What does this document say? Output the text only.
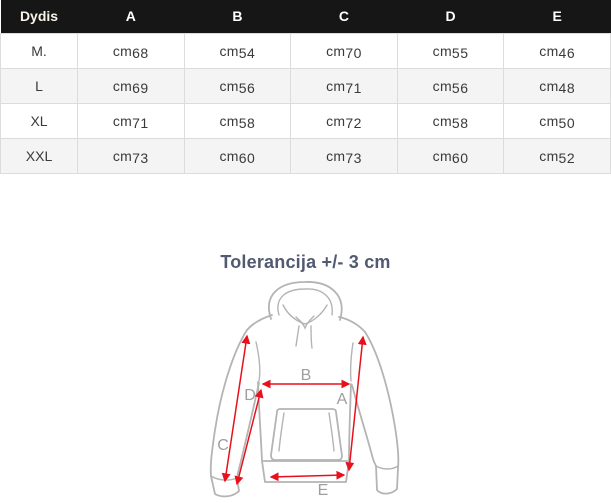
Dydis	A	B	C	D	E
M.	cm68	cm54	cm70	cm55	cm46
L	cm69	cm56	cm71	cm56	cm48
XL	cm71	cm58	cm72	cm58	cm50
XXL	cm73	cm60	cm73	cm60	cm52
Tolerancija +/- 3 cm
B
A
D
C
E
